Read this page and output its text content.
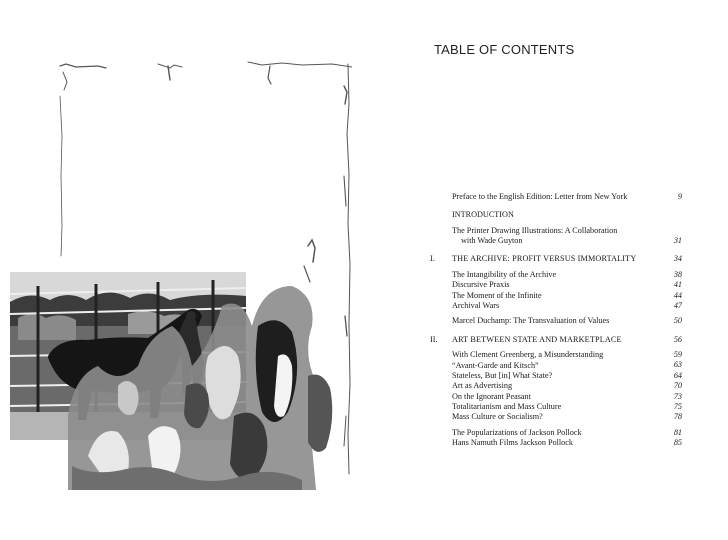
TABLE OF CONTENTS
Preface to the English Edition: Letter from New York	9
INTRODUCTION
The Printer Drawing Illustrations: A Collaboration
with Wade Guyton	31
I.	THE ARCHIVE: PROFIT VERSUS IMMORTALITY	34
The Intangibility of the Archive	38
Discursive Praxis	41
The Moment of the Infinite	44
Archival Wars	47
Marcel Duchamp: The Transvaluation of Values	50
II.	ART BETWEEN STATE AND MARKETPLACE	56
With Clement Greenberg, a Misunderstanding	59
“Avant-Garde and Kitsch”	63
Stateless, But [in] What State?	64
Art as Advertising	70
On the Ignorant Peasant	73
Totalitarianism and Mass Culture	75
Mass Culture or Socialism?	78
The Popularizations of Jackson Pollock	81
Hans Namuth Films Jackson Pollock	85
